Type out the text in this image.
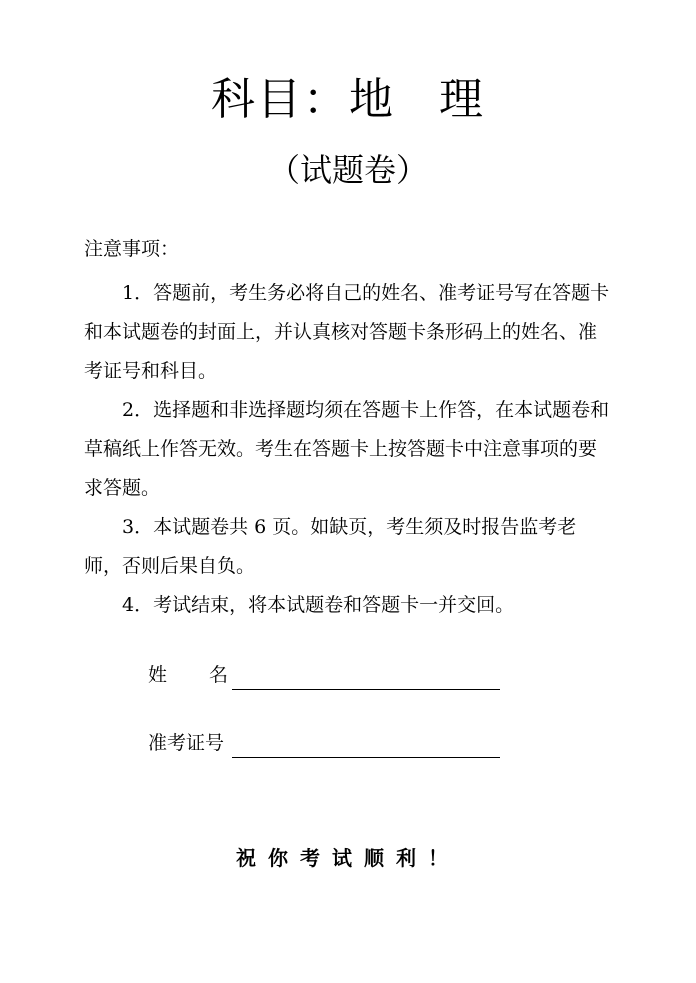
科目：地 理
（试题卷）
注意事项：

1．答题前，考生务必将自己的姓名、准考证号写在答题卡和本试题卷的封面上，并认真核对答题卡条形码上的姓名、准考证号和科目。

2．选择题和非选择题均须在答题卡上作答，在本试题卷和草稿纸上作答无效。考生在答题卡上按答题卡中注意事项的要求答题。

3．本试题卷共 6 页。如缺页，考生须及时报告监考老师，否则后果自负。

4．考试结束，将本试题卷和答题卡一并交回。

姓名
准考证号
祝你考试顺利！
